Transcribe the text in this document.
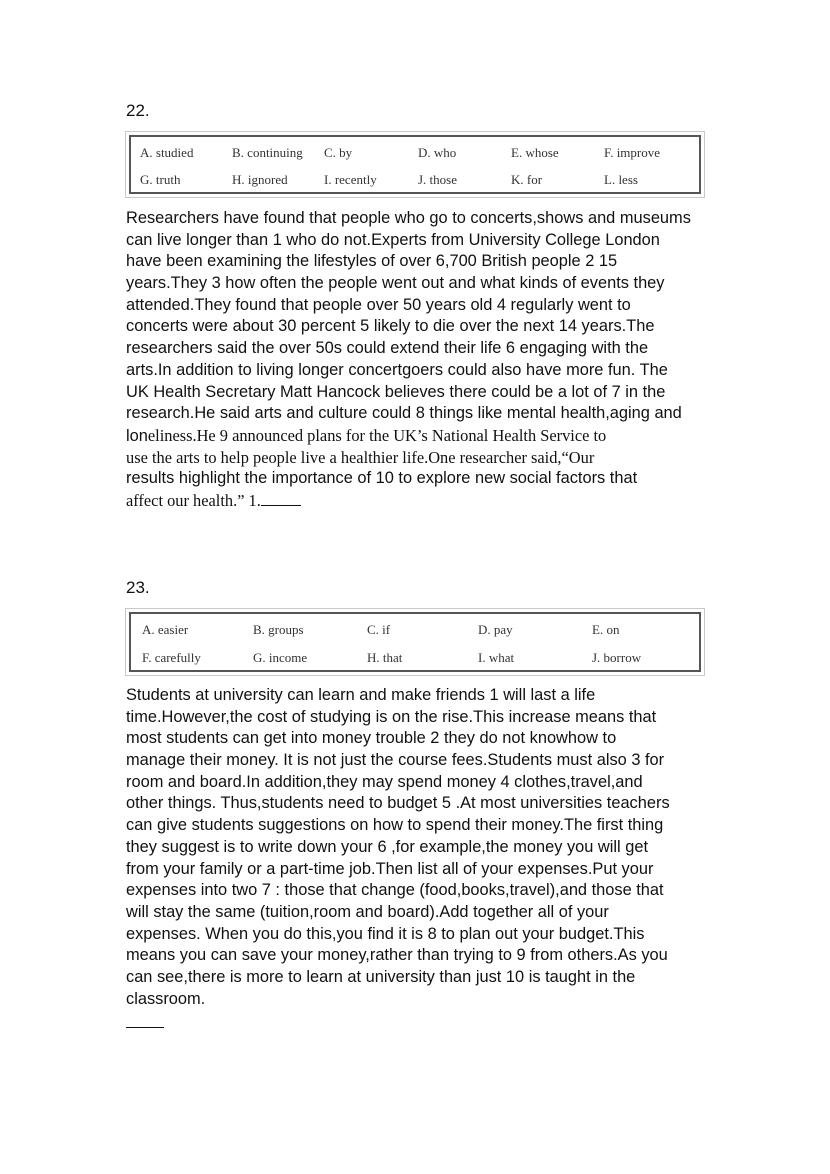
22.
A. studied	B. continuing C. by	D. who	E. whose	F. improve
G. truth	H. ignored	I. recently	J. those	K. for	L. less
Researchers have found that people who go to concerts,shows and museums
can live longer than 1 who do not.Experts from University College London
have been examining the lifestyles of over 6,700 British people 2 15
years.They 3 how often the people went out and what kinds of events they
attended.They found that people over 50 years old 4 regularly went to
concerts were about 30 percent 5 likely to die over the next 14 years.The
researchers said the over 50s could extend their life 6 engaging with the
arts.In addition to living longer concertgoers could also have more fun. The
UK Health Secretary Matt Hancock believes there could be a lot of 7 in the
research.He said arts and culture could 8 things like mental health,aging and
loneliness.He 9 announced plans for the UK’s National Health Service to
use the arts to help people live a healthier life.One researcher said,“Our
results highlight the importance of 10 to explore new social factors that
affect our health.” 1.
23.
A. easier	B. groups	C. if	D. pay	E. on
F. carefully	G. income	H. that	I. what	J. borrow
Students at university can learn and make friends 1 will last a life
time.However,the cost of studying is on the rise.This increase means that
most students can get into money trouble 2 they do not knowhow to
manage their money. It is not just the course fees.Students must also 3 for
room and board.In addition,they may spend money 4 clothes,travel,and
other things. Thus,students need to budget 5 .At most universities teachers
can give students suggestions on how to spend their money.The first thing
they suggest is to write down your 6 ,for example,the money you will get
from your family or a part-time job.Then list all of your expenses.Put your
expenses into two 7 : those that change (food,books,travel),and those that
will stay the same (tuition,room and board).Add together all of your
expenses. When you do this,you find it is 8 to plan out your budget.This
means you can save your money,rather than trying to 9 from others.As you
can see,there is more to learn at university than just 10 is taught in the
classroom.
